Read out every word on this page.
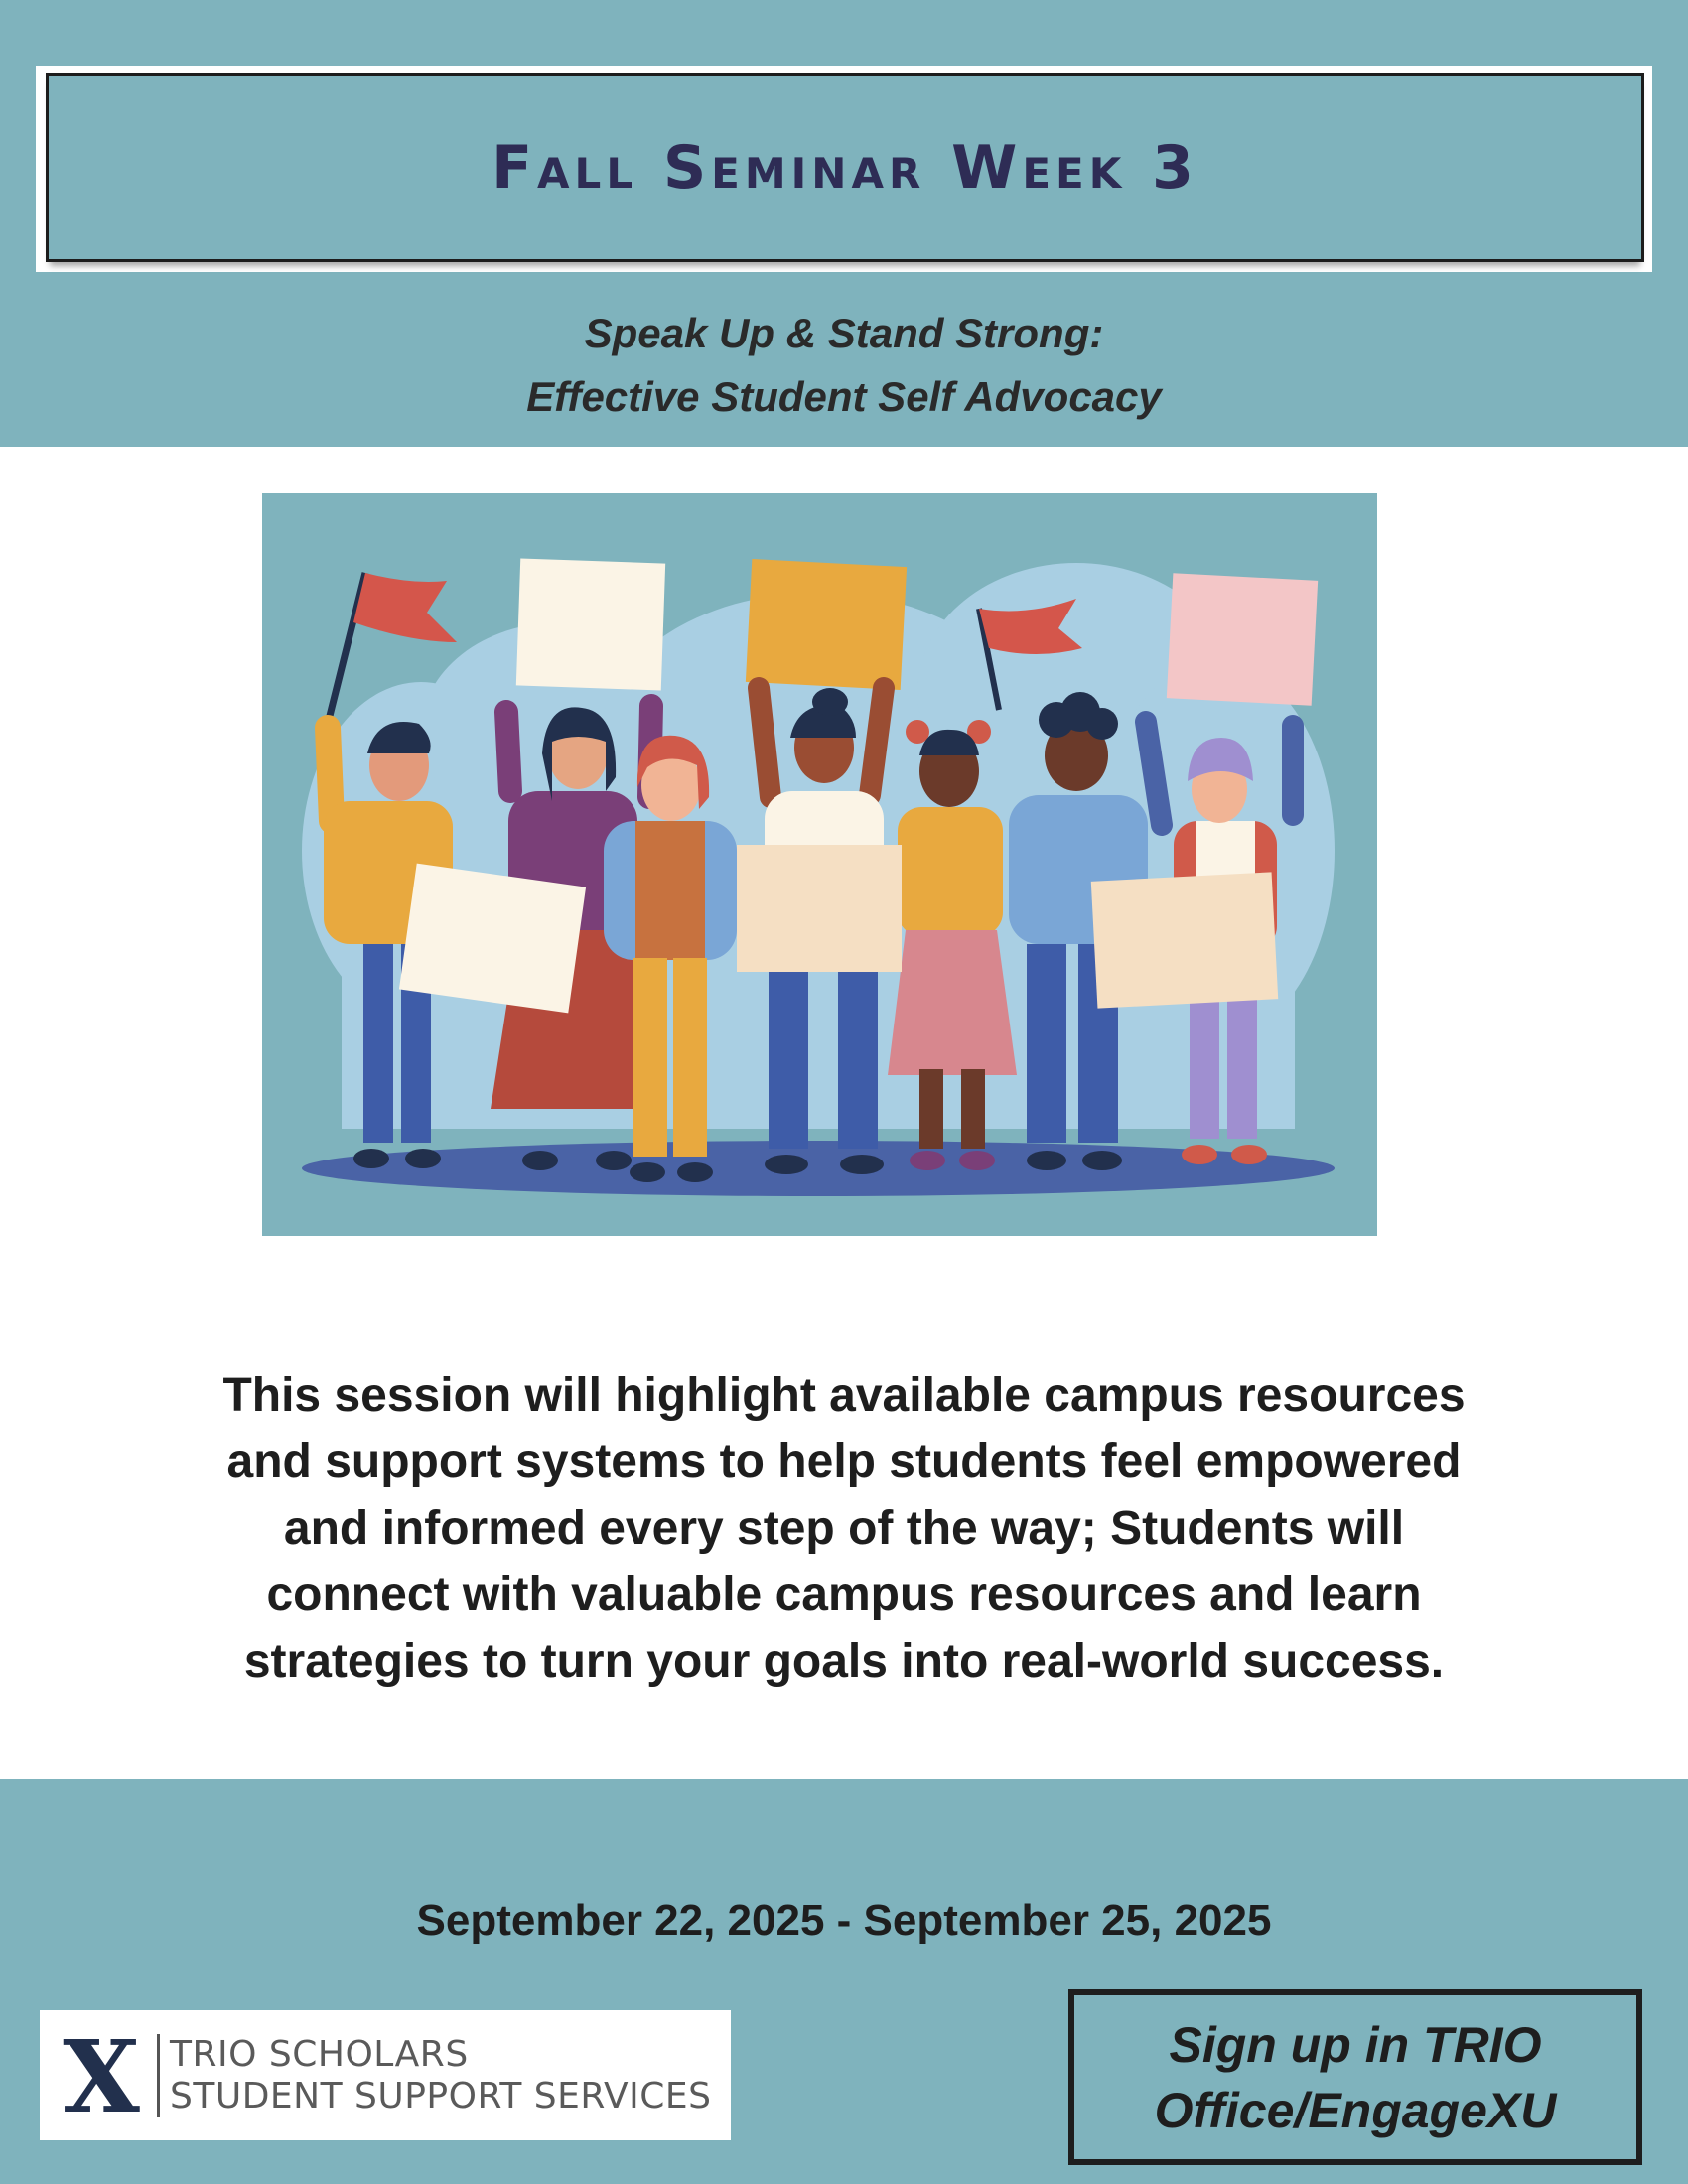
Fall Seminar Week 3
Speak Up & Stand Strong:
Effective Student Self Advocacy
This session will highlight available campus resources
and support systems to help students feel empowered
and informed every step of the way; Students will
connect with valuable campus resources and learn
strategies to turn your goals into real-world success.
September 22, 2025 - September 25, 2025
X TRIO SCHOLARS
STUDENT SUPPORT SERVICES
Sign up in TRIO
Office/EngageXU
